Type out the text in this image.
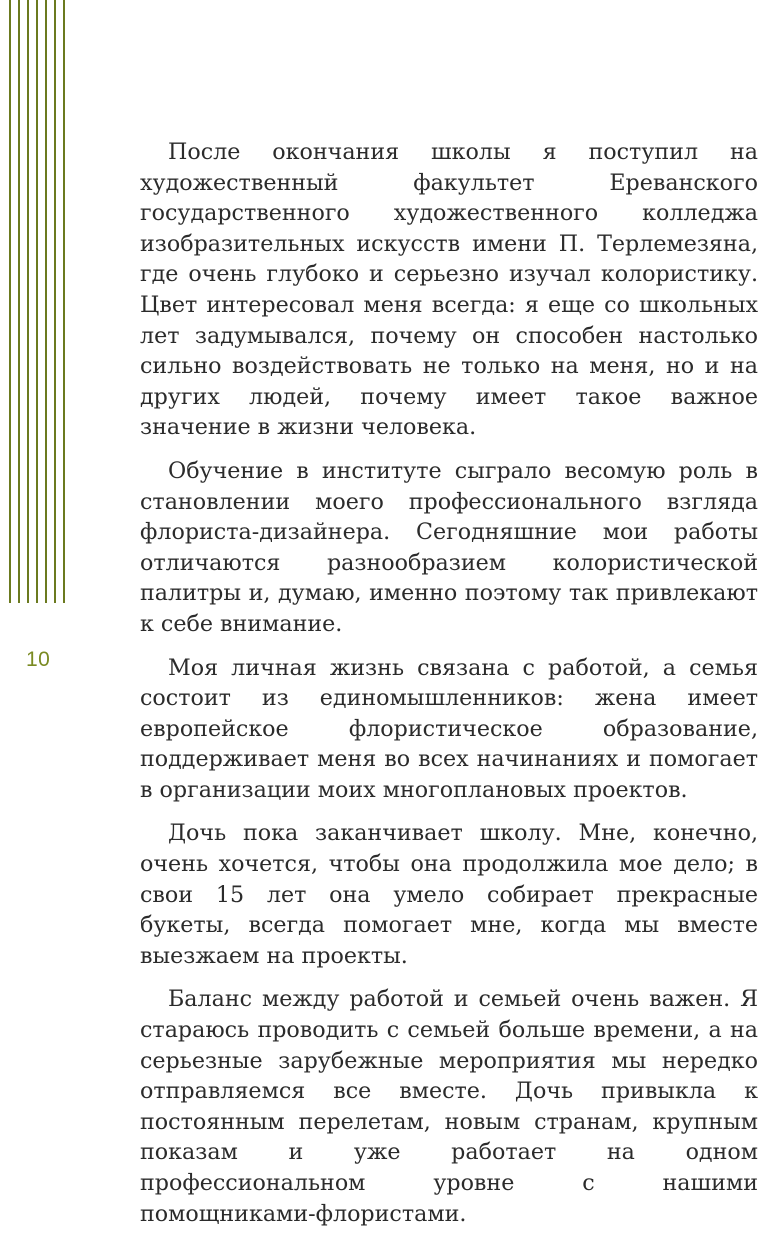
10

После окончания школы я поступил на художественный факультет Ереванского государственного художественного колледжа изобразительных искусств имени П. Терлемезяна, где очень глубоко и серьезно изучал колористику. Цвет интересовал меня всегда: я еще со школьных лет задумывался, почему он способен настолько сильно воздействовать не только на меня, но и на других людей, почему имеет такое важное значение в жизни человека.

Обучение в институте сыграло весомую роль в становлении моего профессионального взгляда флориста-дизайнера. Сегодняшние мои работы отличаются разнообразием колористической палитры и, думаю, именно поэтому так привлекают к себе внимание.

Моя личная жизнь связана с работой, а семья состоит из единомышленников: жена имеет европейское флористическое образование, поддерживает меня во всех начинаниях и помогает в организации моих многоплановых проектов.

Дочь пока заканчивает школу. Мне, конечно, очень хочется, чтобы она продолжила мое дело; в свои 15 лет она умело собирает прекрасные букеты, всегда помогает мне, когда мы вместе выезжаем на проекты.

Баланс между работой и семьей очень важен. Я стараюсь проводить с семьей больше времени, а на серьезные зарубежные мероприятия мы нередко отправляемся все вместе. Дочь привыкла к постоянным перелетам, новым странам, крупным показам и уже работает на одном профессиональном уровне с нашими помощниками-флористами.
